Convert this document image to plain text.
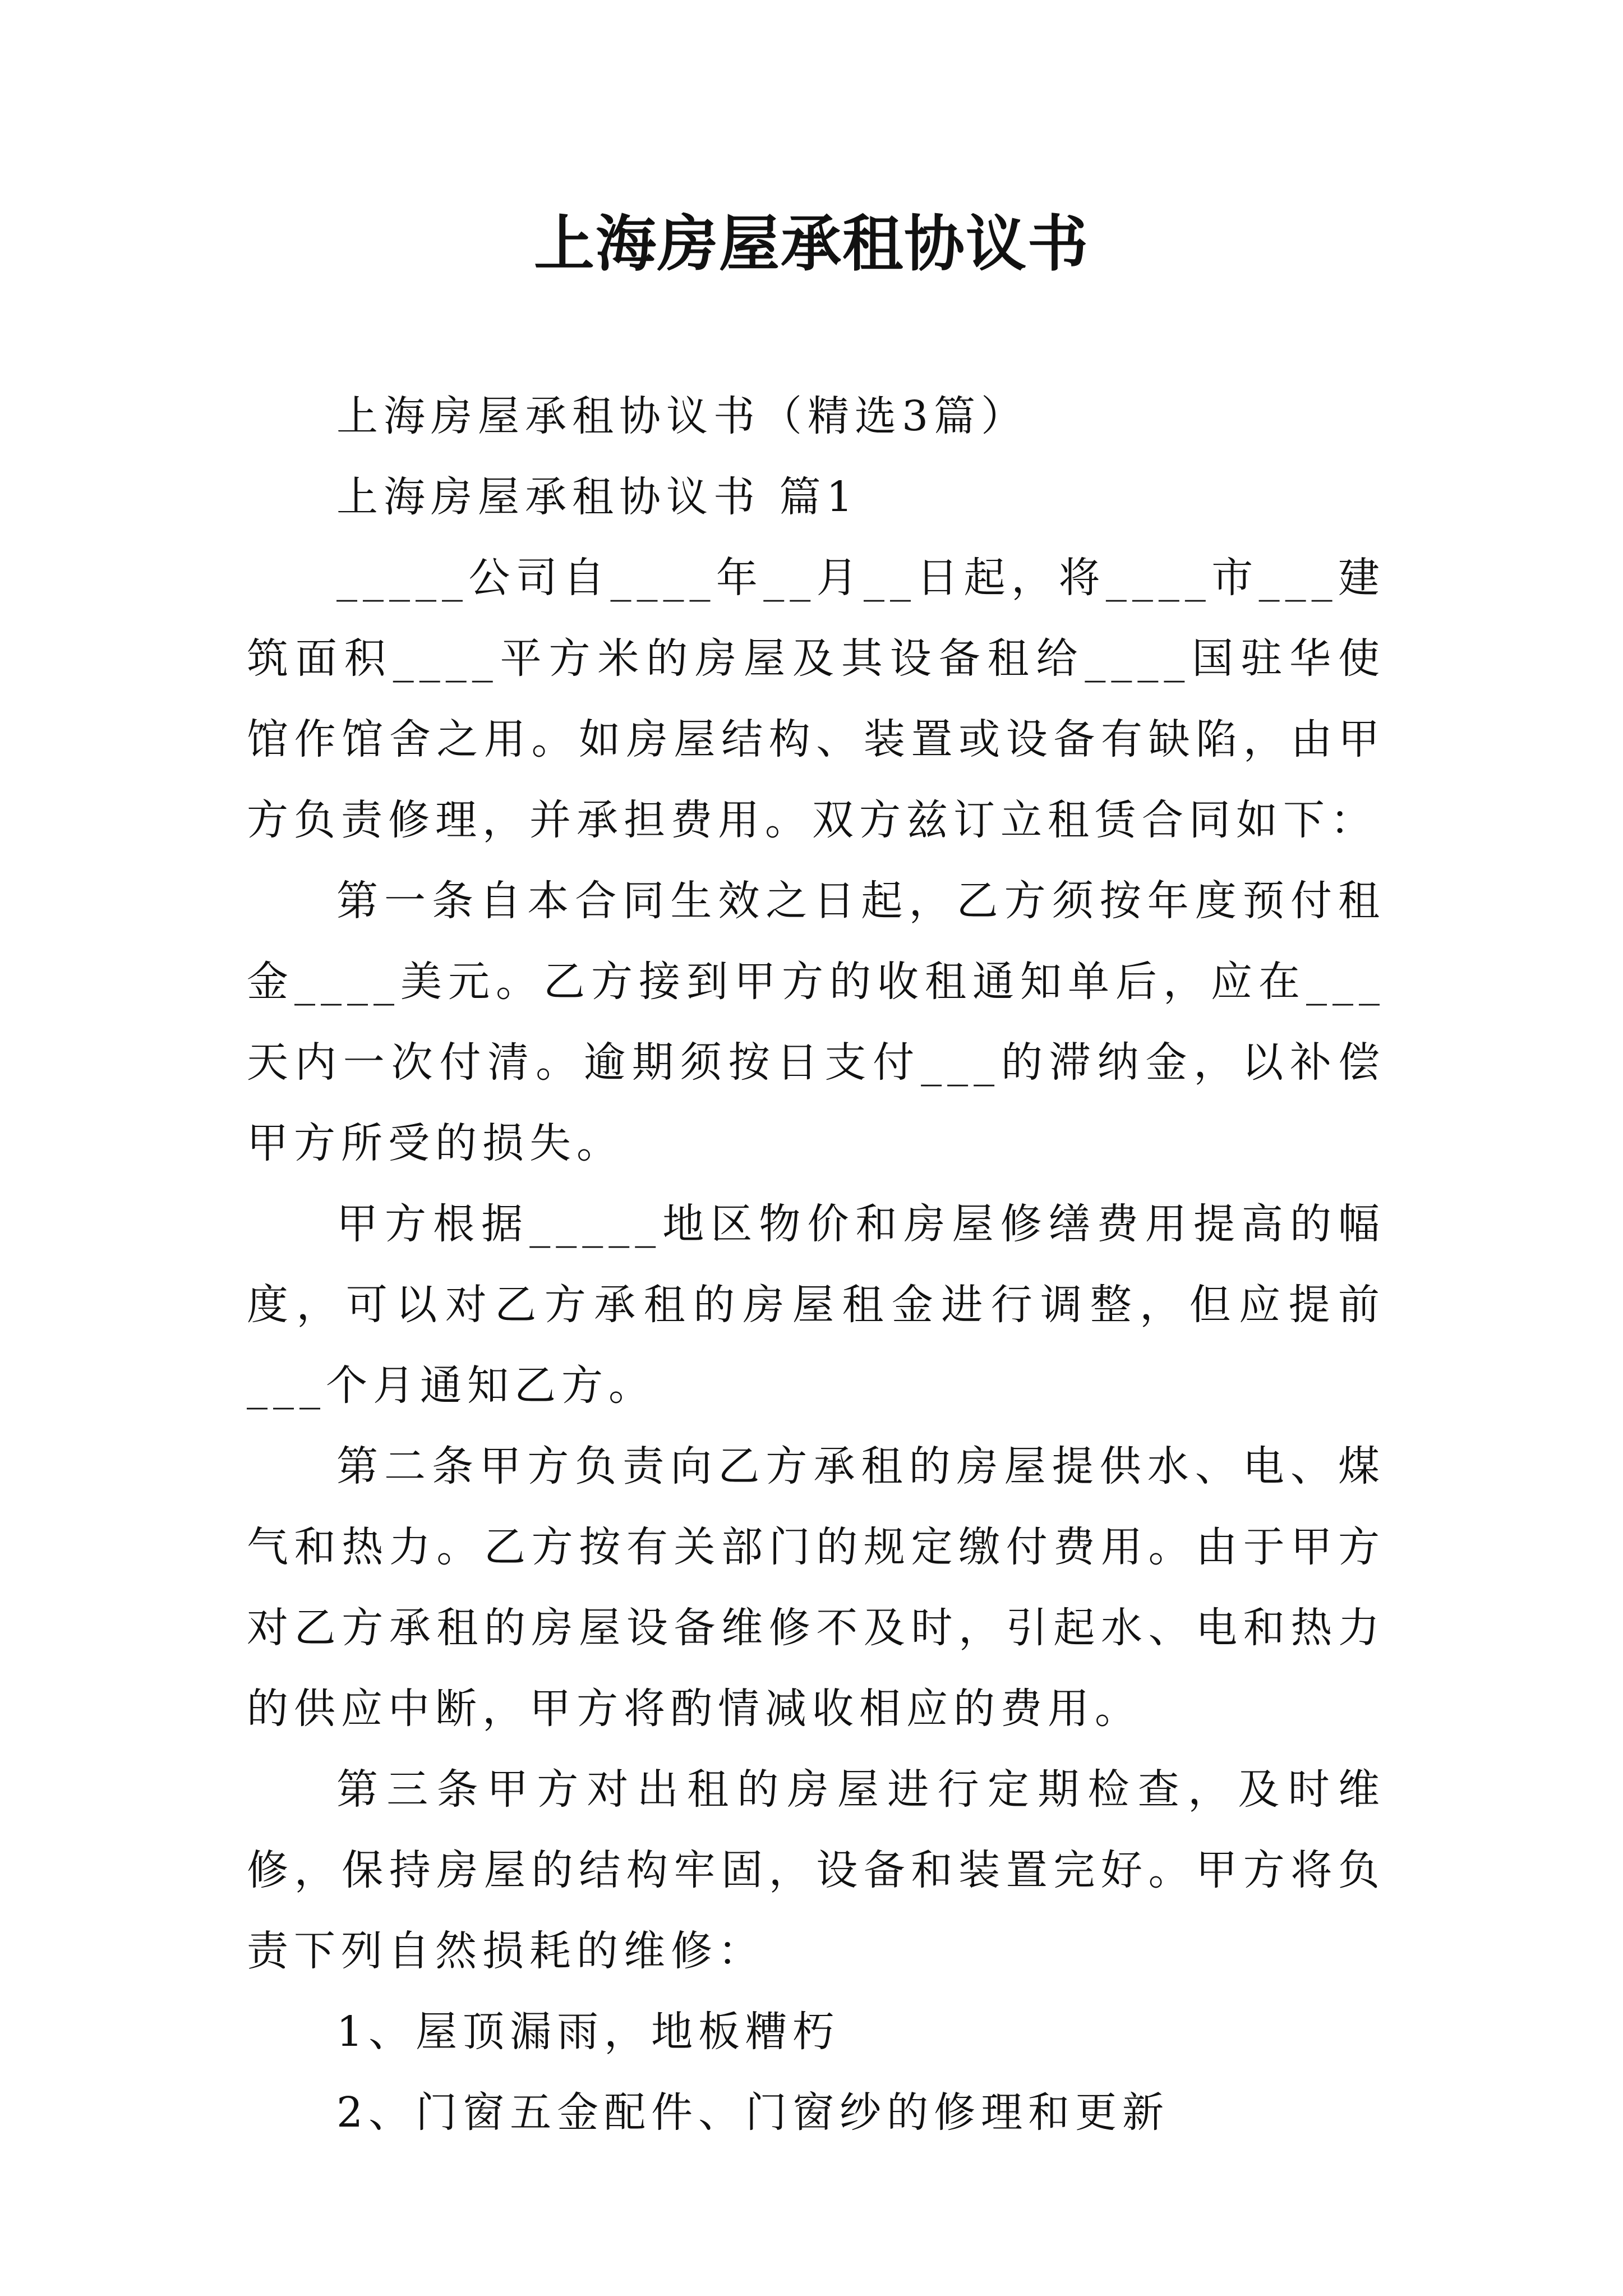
上海房屋承租协议书

上海房屋承租协议书（精选3篇）

上海房屋承租协议书 篇1

_____公司自____年__月__日起，将____市___建筑面积____平方米的房屋及其设备租给____国驻华使馆作馆舍之用。如房屋结构、装置或设备有缺陷，由甲方负责修理，并承担费用。双方兹订立租赁合同如下：

第一条自本合同生效之日起，乙方须按年度预付租金____美元。乙方接到甲方的收租通知单后，应在___天内一次付清。逾期须按日支付___的滞纳金，以补偿甲方所受的损失。

甲方根据_____地区物价和房屋修缮费用提高的幅度，可以对乙方承租的房屋租金进行调整，但应提前___个月通知乙方。

第二条甲方负责向乙方承租的房屋提供水、电、煤气和热力。乙方按有关部门的规定缴付费用。由于甲方对乙方承租的房屋设备维修不及时，引起水、电和热力的供应中断，甲方将酌情减收相应的费用。

第三条甲方对出租的房屋进行定期检查，及时维修，保持房屋的结构牢固，设备和装置完好。甲方将负责下列自然损耗的维修：

1、屋顶漏雨，地板糟朽

2、门窗五金配件、门窗纱的修理和更新
